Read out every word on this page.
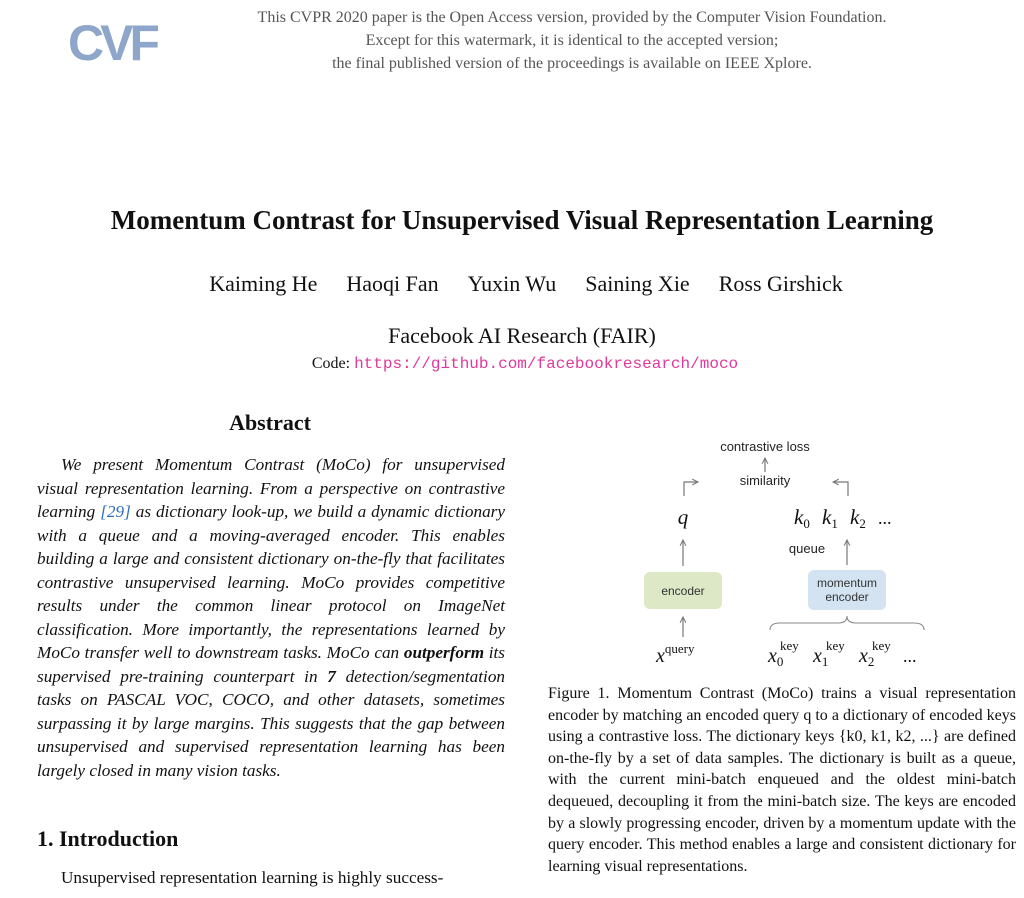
CVF	This CVPR 2020 paper is the Open Access version, provided by the Computer Vision Foundation.
Except for this watermark, it is identical to the accepted version;
the final published version of the proceedings is available on IEEE Xplore.
Momentum Contrast for Unsupervised Visual Representation Learning
Kaiming He Haoqi Fan Yuxin Wu Saining Xie Ross Girshick
Facebook AI Research (FAIR)
Code: https://github.com/facebookresearch/moco
Abstract
We present Momentum Contrast (MoCo) for unsupervised visual representation learning. From a perspective on contrastive learning [29] as dictionary look-up, we build a dynamic dictionary with a queue and a moving-averaged encoder. This enables building a large and consistent dictionary on-the-fly that facilitates contrastive unsupervised learning. MoCo provides competitive results under the common linear protocol on ImageNet classification. More importantly, the representations learned by MoCo transfer well to downstream tasks. MoCo can outperform its supervised pre-training counterpart in 7 detection/segmentation tasks on PASCAL VOC, COCO, and other datasets, sometimes surpassing it by large margins. This suggests that the gap between unsupervised and supervised representation learning has been largely closed in many vision tasks.
1. Introduction
Unsupervised representation learning is highly success-
contrastive loss
similarity
q	k0 k1 k2 ...
queue
encoder
momentum
encoder
$x^{query}$	$x_0$
key $x_1$
key $x_2$
key
...
Figure 1. Momentum Contrast (MoCo) trains a visual representation encoder by matching an encoded query q to a dictionary of encoded keys using a contrastive loss. The dictionary keys {k0, k1, k2, ...} are defined on-the-fly by a set of data samples. The dictionary is built as a queue, with the current mini-batch enqueued and the oldest mini-batch dequeued, decoupling it from the mini-batch size. The keys are encoded by a slowly progressing encoder, driven by a momentum update with the query encoder. This method enables a large and consistent dictionary for learning visual representations.
